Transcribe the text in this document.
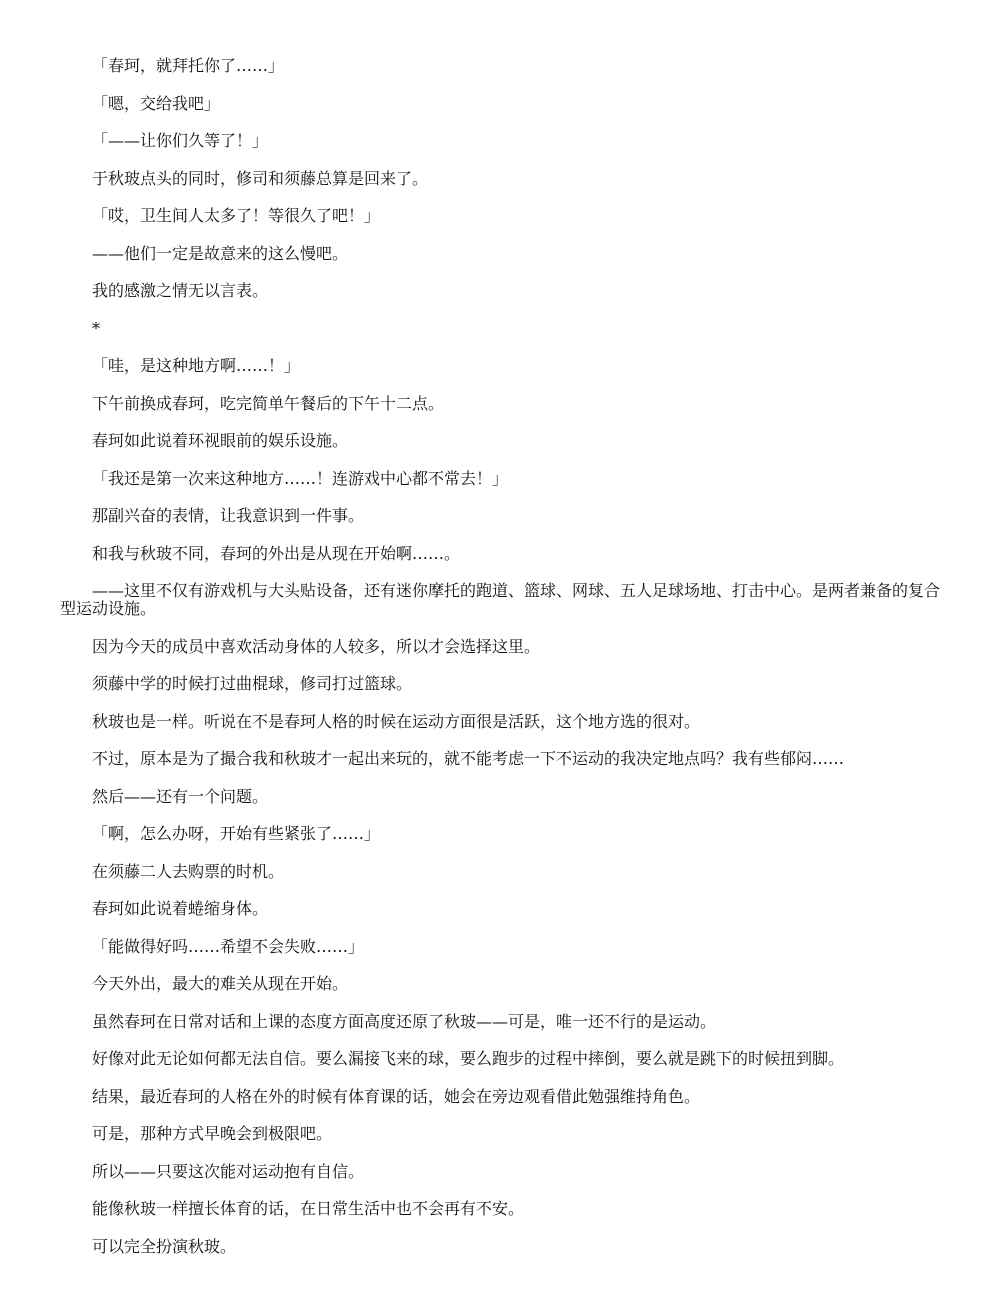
「春珂，就拜托你了……」

「嗯，交给我吧」

「——让你们久等了！」

于秋玻点头的同时，修司和须藤总算是回来了。

「哎，卫生间人太多了！等很久了吧！」

——他们一定是故意来的这么慢吧。

我的感激之情无以言表。

*

「哇，是这种地方啊……！」

下午前换成春珂，吃完简单午餐后的下午十二点。

春珂如此说着环视眼前的娱乐设施。

「我还是第一次来这种地方……！连游戏中心都不常去！」

那副兴奋的表情，让我意识到一件事。

和我与秋玻不同，春珂的外出是从现在开始啊……。

——这里不仅有游戏机与大头贴设备，还有迷你摩托的跑道、篮球、网球、五人足球场地、打击中心。是两者兼备的复合型运动设施。

因为今天的成员中喜欢活动身体的人较多，所以才会选择这里。

须藤中学的时候打过曲棍球，修司打过篮球。

秋玻也是一样。听说在不是春珂人格的时候在运动方面很是活跃，这个地方选的很对。

不过，原本是为了撮合我和秋玻才一起出来玩的，就不能考虑一下不运动的我决定地点吗？我有些郁闷……

然后——还有一个问题。

「啊，怎么办呀，开始有些紧张了……」

在须藤二人去购票的时机。

春珂如此说着蜷缩身体。

「能做得好吗……希望不会失败……」

今天外出，最大的难关从现在开始。

虽然春珂在日常对话和上课的态度方面高度还原了秋玻——可是，唯一还不行的是运动。

好像对此无论如何都无法自信。要么漏接飞来的球，要么跑步的过程中摔倒，要么就是跳下的时候扭到脚。

结果，最近春珂的人格在外的时候有体育课的话，她会在旁边观看借此勉强维持角色。

可是，那种方式早晚会到极限吧。

所以——只要这次能对运动抱有自信。

能像秋玻一样擅长体育的话，在日常生活中也不会再有不安。

可以完全扮演秋玻。
